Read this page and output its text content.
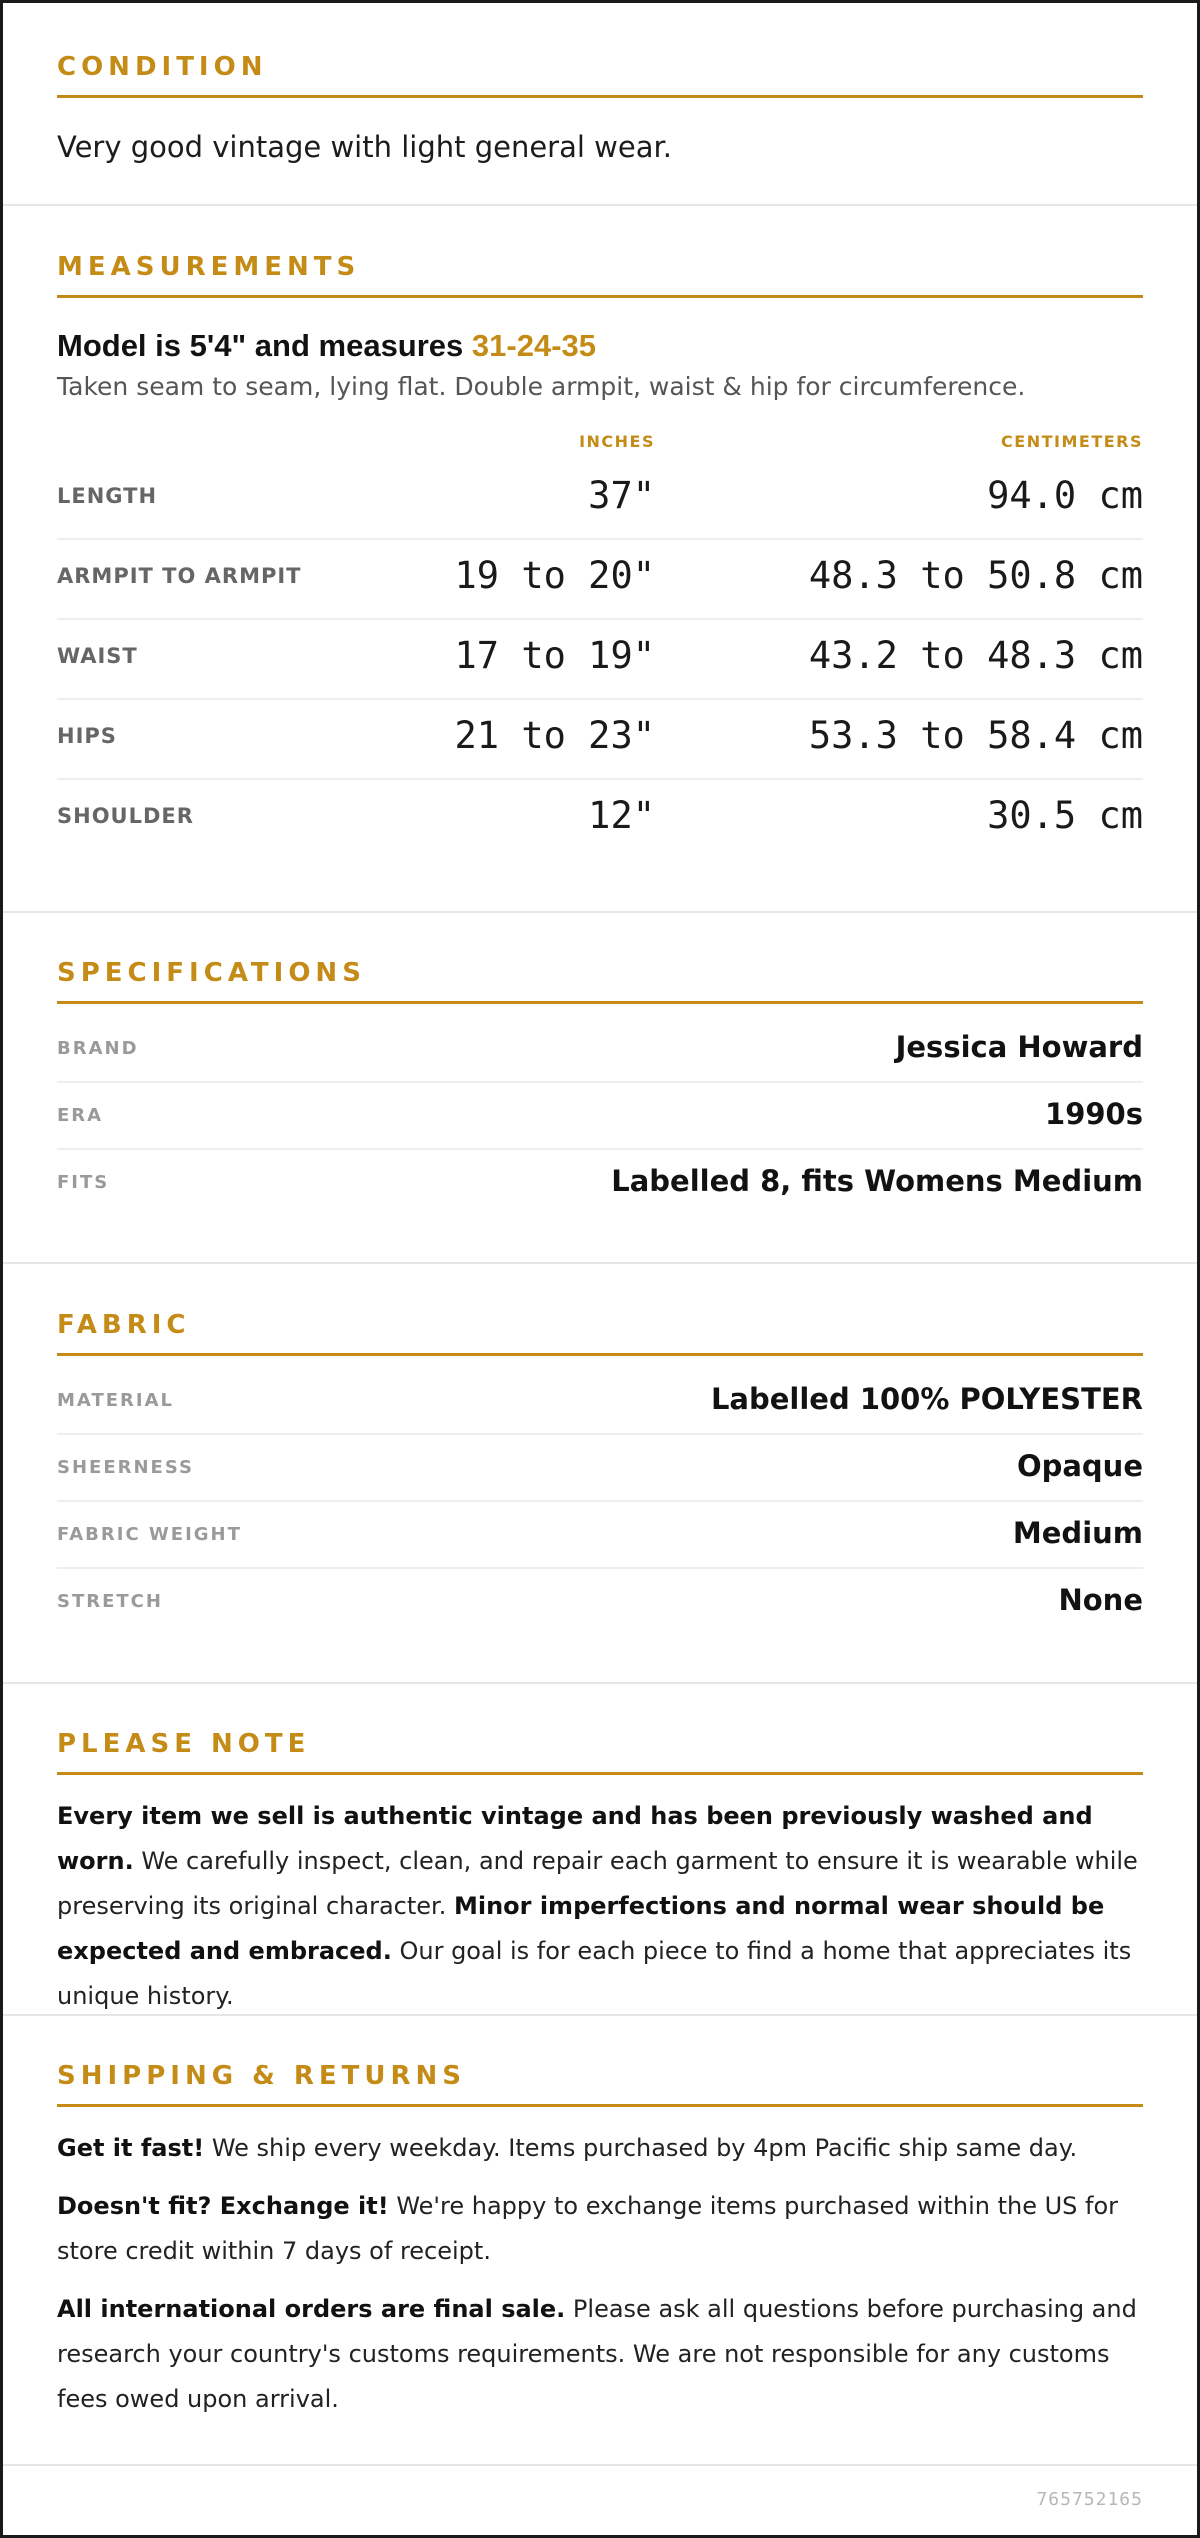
CONDITION
Very good vintage with light general wear.
MEASUREMENTS
Model is 5'4" and measures 31-24-35
Taken seam to seam, lying flat. Double armpit, waist & hip for circumference.
INCHES	CENTIMETERS
LENGTH	37"	94.0 cm
ARMPIT TO ARMPIT	19 to 20"	48.3 to 50.8 cm
WAIST	17 to 19"	43.2 to 48.3 cm
HIPS	21 to 23"	53.3 to 58.4 cm
SHOULDER	12"	30.5 cm
SPECIFICATIONS
BRAND	Jessica Howard
ERA	1990s
FITS	Labelled 8, fits Womens Medium
FABRIC
MATERIAL	Labelled 100% POLYESTER
SHEERNESS	Opaque
FABRIC WEIGHT	Medium
STRETCH	None
PLEASE NOTE

Every item we sell is authentic vintage and has been previously washed and worn. We carefully inspect, clean, and repair each garment to ensure it is wearable while preserving its original character. Minor imperfections and normal wear should be expected and embraced. Our goal is for each piece to find a home that appreciates its unique history.

SHIPPING & RETURNS

Get it fast! We ship every weekday. Items purchased by 4pm Pacific ship same day.

Doesn't fit? Exchange it! We're happy to exchange items purchased within the US for store credit within 7 days of receipt.

All international orders are final sale. Please ask all questions before purchasing and research your country's customs requirements. We are not responsible for any customs fees owed upon arrival.

765752165
